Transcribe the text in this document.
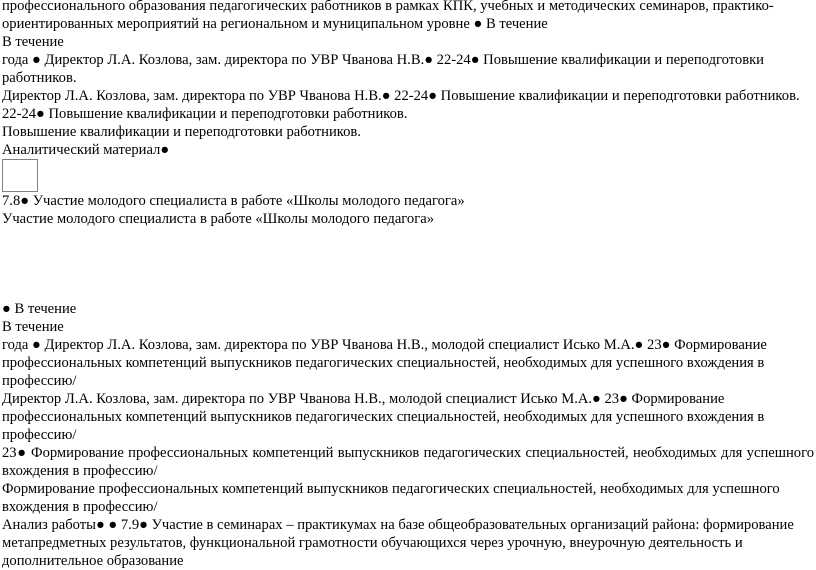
профессионального образования педагогических работников в рамках КПК, учебных и методических семинаров, практико-
ориентированных мероприятий на региональном и муниципальном уровне ● В течение
В течение
года ● Директор Л.А. Козлова, зам. директора по УВР Чванова Н.В.● 22-24● Повышение квалификации и переподготовки
работников.
Директор Л.А. Козлова, зам. директора по УВР Чванова Н.В.● 22-24● Повышение квалификации и переподготовки работников.
22-24● Повышение квалификации и переподготовки работников.
Повышение квалификации и переподготовки работников.
Аналитический материал●
7.8● Участие молодого специалиста в работе «Школы молодого педагога»
Участие молодого специалиста в работе «Школы молодого педагога»
● В течение
В течение
года ● Директор Л.А. Козлова, зам. директора по УВР Чванова Н.В., молодой специалист Исько М.А.● 23● Формирование
профессиональных компетенций выпускников педагогических специальностей, необходимых для успешного вхождения в
профессию/
Директор Л.А. Козлова, зам. директора по УВР Чванова Н.В., молодой специалист Исько М.А.● 23● Формирование
профессиональных компетенций выпускников педагогических специальностей, необходимых для успешного вхождения в
профессию/
23● Формирование профессиональных компетенций выпускников педагогических специальностей, необходимых для успешного
вхождения в профессию/
Формирование профессиональных компетенций выпускников педагогических специальностей, необходимых для успешного
вхождения в профессию/
Анализ работы● ● 7.9● Участие в семинарах – практикумах на базе общеобразовательных организаций района: формирование
метапредметных результатов, функциональной грамотности обучающихся через урочную, внеурочную деятельность и
дополнительное образование
